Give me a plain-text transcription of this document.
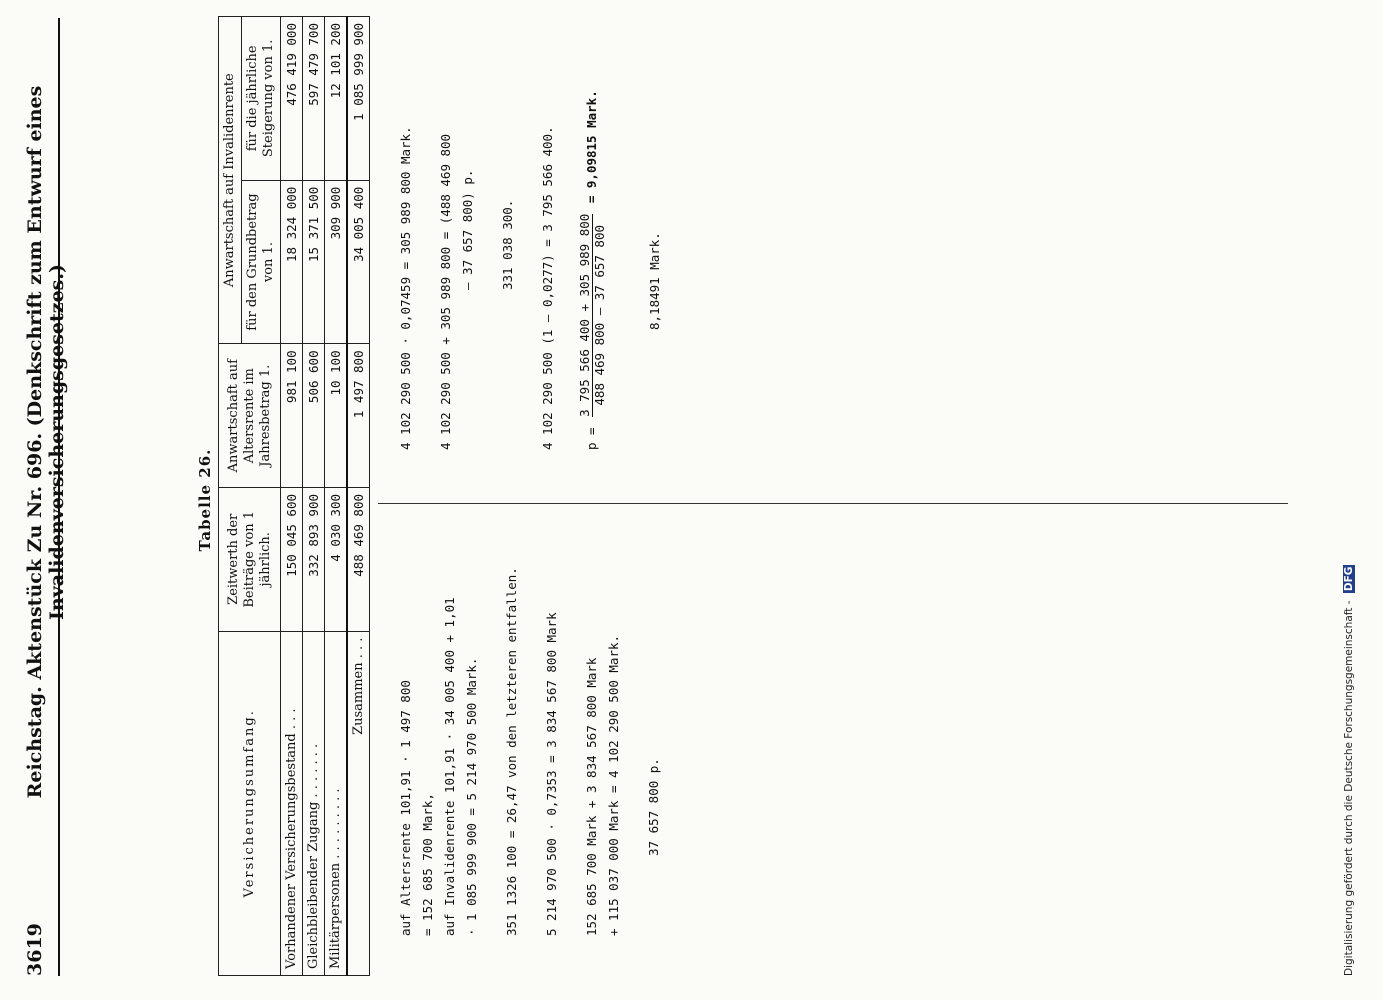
3619
Reichstag. Aktenstück Zu Nr. 696. (Denkschrift zum Entwurf eines Invalidenversicherungsgesetzes.)	Tabelle 26.
Versicherungsumfang.	Zeitwerth der Beiträge von 1 jährlich.	Anwartschaft auf Altersrente im Jahresbetrag 1.	Anwartschaft auf Invalidenrente	
			für den Grundbetrag von 1.	für die jährliche Steigerung von 1.
Vorhandener Versicherungsbestand . . .	150 045 600	981 100	18 324 000	476 419 000
Gleichbleibender Zugang . . . . . . .	332 893 900	506 600	15 371 500	597 479 700
Militärpersonen . . . . . . . . .	4 030 300	10 100	309 900	12 101 200
Zusammen . . .	488 469 800	1 497 800	34 005 400	1 085 999 900

auf Altersrente 101,91 · 1 497 800 = 152 685 700 Mark, auf Invalidenrente 101,91 · 34 005 400 + 1,01 · 1 085 999 900 = 5 214 970 500 Mark. 351 1326 100 = 26,47 von den letzteren entfallen. 5 214 970 500 · 0,7353 = 3 834 567 800 Mark 152 685 700 Mark + 3 834 567 800 Mark + 115 037 000 Mark = 4 102 290 500 Mark. 37 657 800 p.

4 102 290 500 · 0,07459 = 305 989 800 Mark. 4 102 290 500 + 305 989 800 = (488 469 800 — 37 657 800) p. 331 038 300. 4 102 290 500 (1 — 0,0277) = 3 795 566 400.	p =
3 795 566 400 + 305 989 800 488 469 800 — 37 657 800
= 9,09815 Mark.

8,18491 Mark.

Digitalisierung gefördert durch die Deutsche Forschungsgemeinschaft - DFG
